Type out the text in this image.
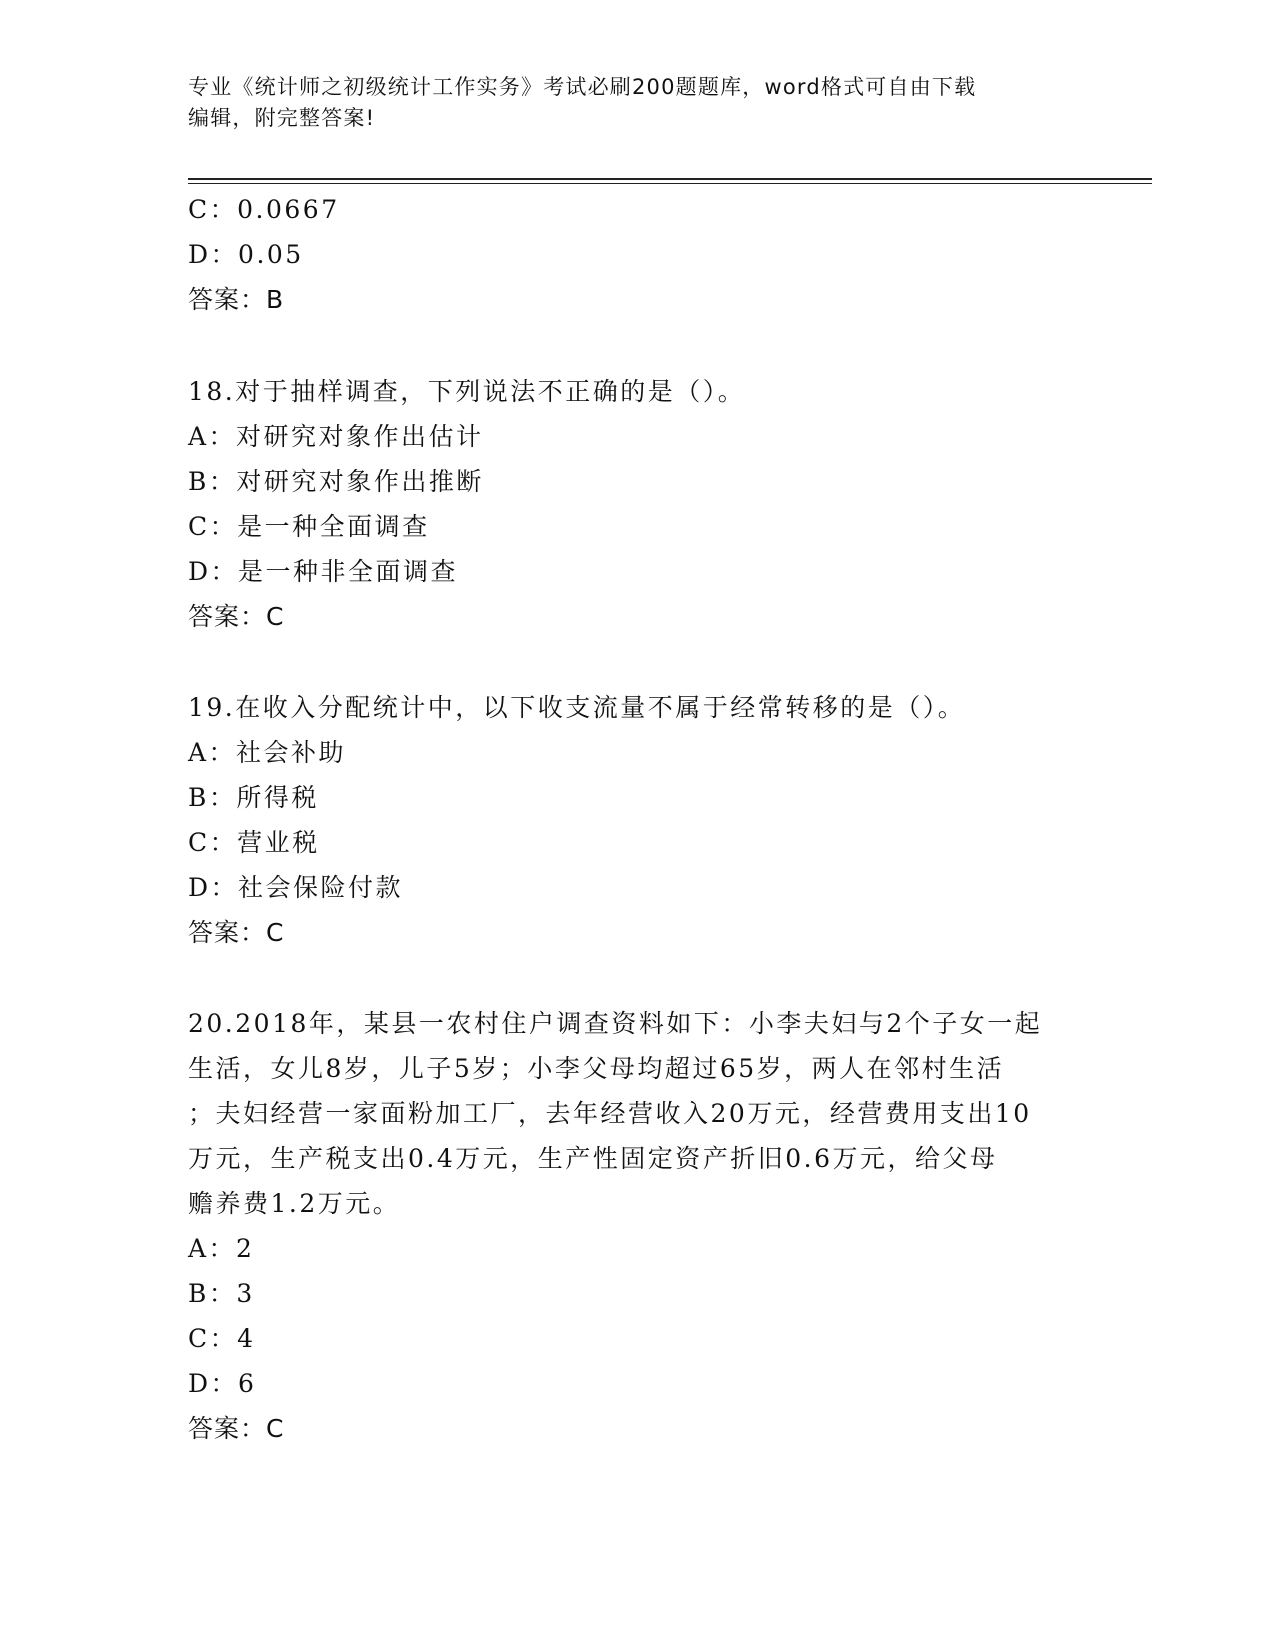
专业《统计师之初级统计工作实务》考试必刷200题题库，word格式可自由下载
编辑，附完整答案!
C：0.0667
D：0.05
答案：B
18.对于抽样调查，下列说法不正确的是（）。
A：对研究对象作出估计
B：对研究对象作出推断
C：是一种全面调查
D：是一种非全面调查
答案：C
19.在收入分配统计中，以下收支流量不属于经常转移的是（）。
A：社会补助
B：所得税
C：营业税
D：社会保险付款
答案：C
20.2018年，某县一农村住户调查资料如下：小李夫妇与2个子女一起
生活，女儿8岁，儿子5岁；小李父母均超过65岁，两人在邻村生活
；夫妇经营一家面粉加工厂，去年经营收入20万元，经营费用支出10
万元，生产税支出0.4万元，生产性固定资产折旧0.6万元，给父母
赡养费1.2万元。
A：2
B：3
C：4
D：6
答案：C
